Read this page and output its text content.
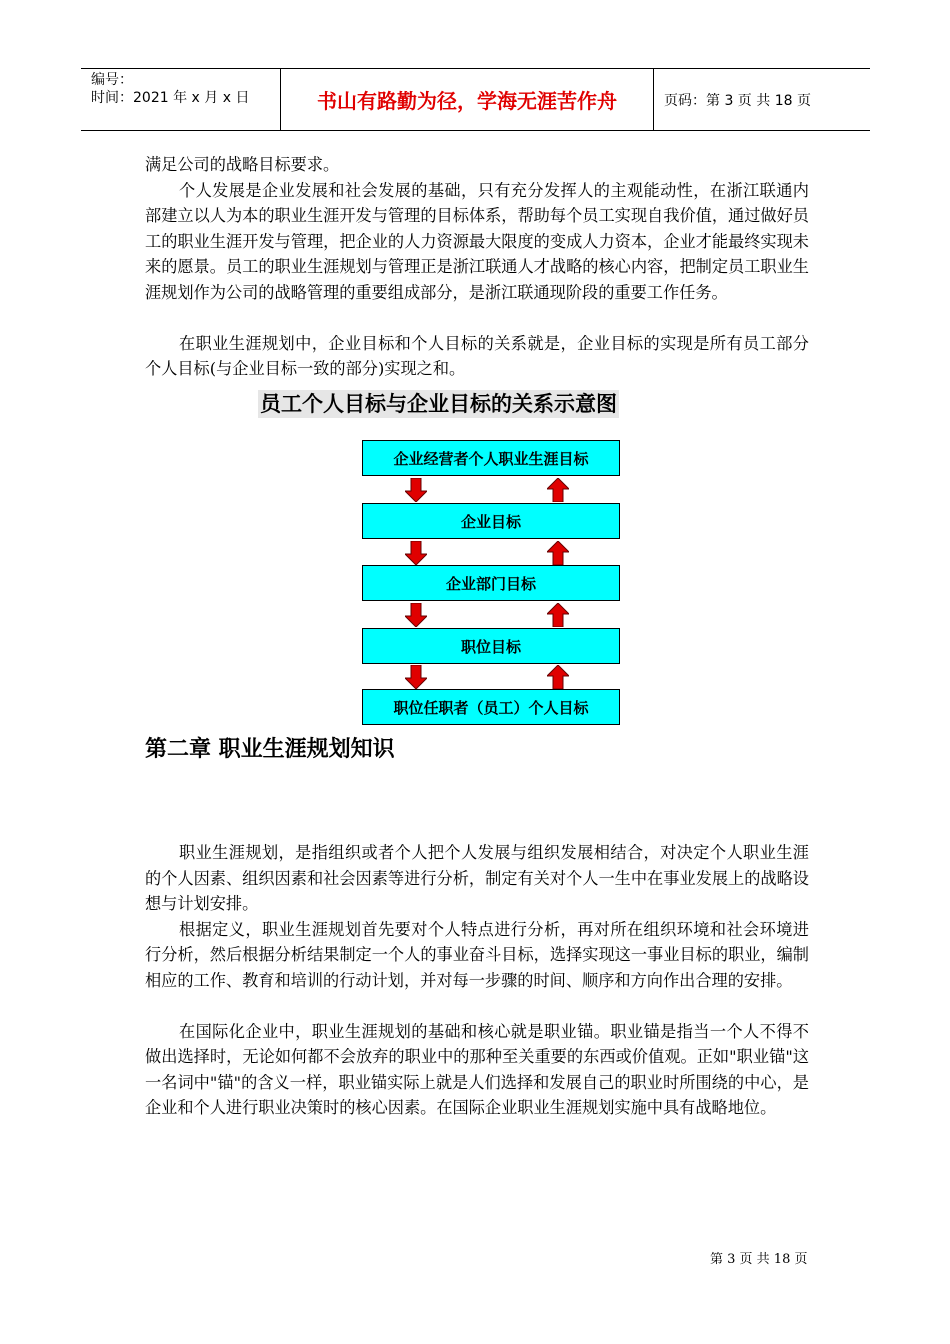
编号：
时间：2021 年 x 月 x 日	书山有路勤为径，学海无涯苦作舟	页码：第 3 页 共 18 页

满足公司的战略目标要求。

个人发展是企业发展和社会发展的基础，只有充分发挥人的主观能动性，在浙江联通内部建立以人为本的职业生涯开发与管理的目标体系，帮助每个员工实现自我价值，通过做好员工的职业生涯开发与管理，把企业的人力资源最大限度的变成人力资本，企业才能最终实现未来的愿景。员工的职业生涯规划与管理正是浙江联通人才战略的核心内容，把制定员工职业生涯规划作为公司的战略管理的重要组成部分，是浙江联通现阶段的重要工作任务。

在职业生涯规划中，企业目标和个人目标的关系就是，企业目标的实现是所有员工部分个人目标(与企业目标一致的部分)实现之和。

员工个人目标与企业目标的关系示意图
企业经营者个人职业生涯目标
企业目标
企业部门目标
职位目标
职位任职者（员工）个人目标
第二章 职业生涯规划知识

职业生涯规划，是指组织或者个人把个人发展与组织发展相结合，对决定个人职业生涯的个人因素、组织因素和社会因素等进行分析，制定有关对个人一生中在事业发展上的战略设想与计划安排。

根据定义，职业生涯规划首先要对个人特点进行分析，再对所在组织环境和社会环境进行分析，然后根据分析结果制定一个人的事业奋斗目标，选择实现这一事业目标的职业，编制相应的工作、教育和培训的行动计划，并对每一步骤的时间、顺序和方向作出合理的安排。

在国际化企业中，职业生涯规划的基础和核心就是职业锚。职业锚是指当一个人不得不做出选择时，无论如何都不会放弃的职业中的那种至关重要的东西或价值观。正如"职业锚"这一名词中"锚"的含义一样，职业锚实际上就是人们选择和发展自己的职业时所围绕的中心，是企业和个人进行职业决策时的核心因素。在国际企业职业生涯规划实施中具有战略地位。

第 3 页 共 18 页
